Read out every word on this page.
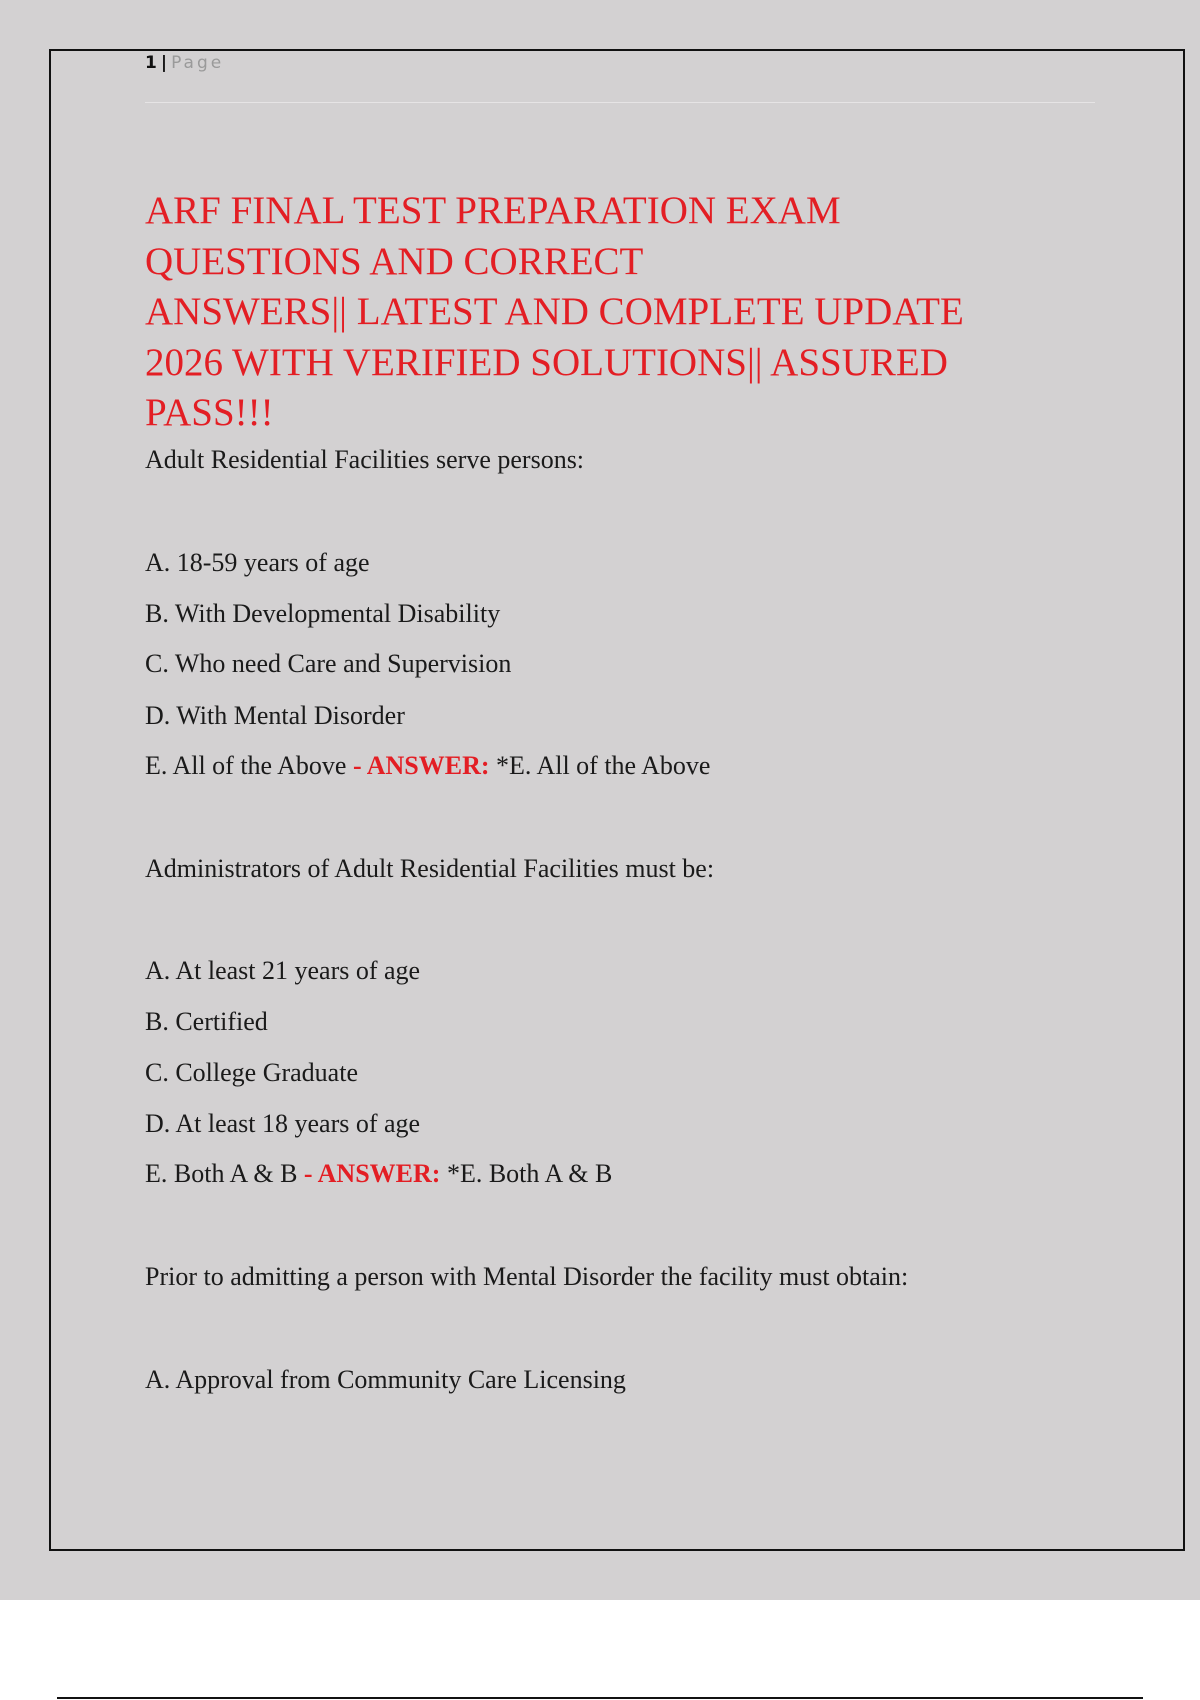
1 | Page
ARF FINAL TEST PREPARATION EXAM
QUESTIONS AND CORRECT
ANSWERS|| LATEST AND COMPLETE UPDATE
2026 WITH VERIFIED SOLUTIONS|| ASSURED
PASS!!!
Adult Residential Facilities serve persons:
A. 18-59 years of age
B. With Developmental Disability
C. Who need Care and Supervision
D. With Mental Disorder
E. All of the Above - ANSWER: *E. All of the Above
Administrators of Adult Residential Facilities must be:
A. At least 21 years of age
B. Certified
C. College Graduate
D. At least 18 years of age
E. Both A & B - ANSWER: *E. Both A & B
Prior to admitting a person with Mental Disorder the facility must obtain:
A. Approval from Community Care Licensing
